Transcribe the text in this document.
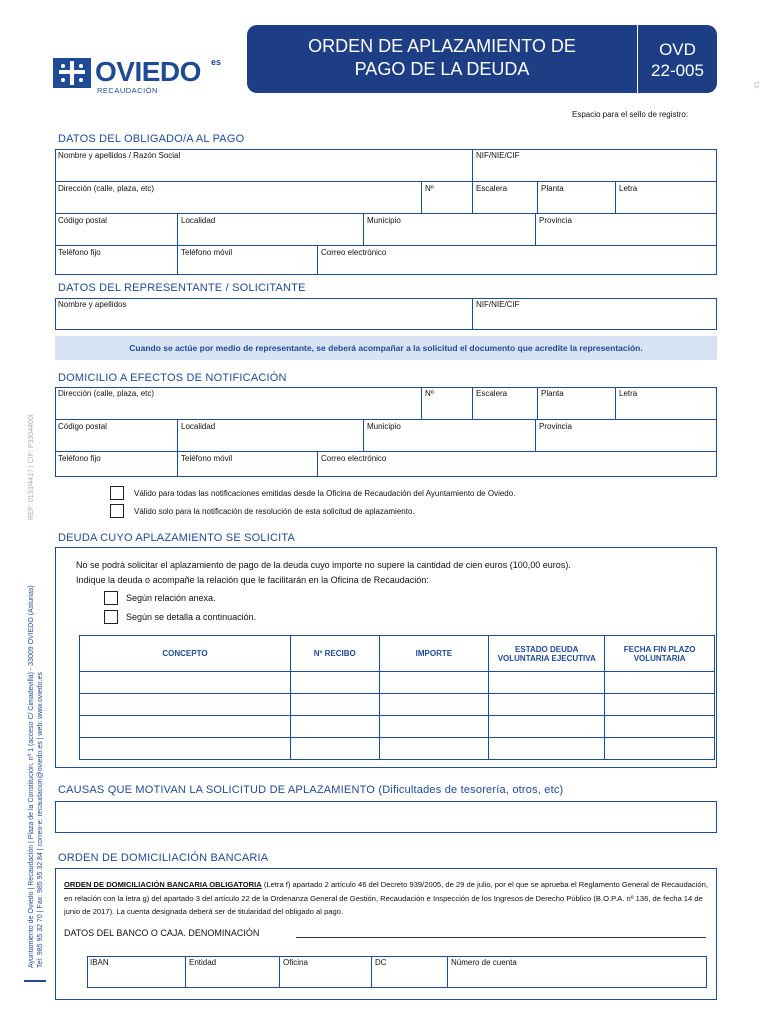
OVIEDO es
RECAUDACIÓN
ORDEN DE APLAZAMIENTO DE
PAGO DE LA DEUDA
OVD
22-005
V1
Espacio para el sello de registro:
REF: 0133/4417 | CIF: P3304400I
Ayuntamiento de Oviedo | Recaudación | Plaza de la Constitución, nº 1 (acceso C/ Cimadevilla) - 33009 OVIEDO (Asturias) Tel: 985 95 32 70 | Fax: 985 95 32 84 | correo-e: recaudacion@oviedo.es | web: www.oviedo.es
DATOS DEL OBLIGADO/A AL PAGO
Nombre y apellidos / Razón Social	NIF/NIE/CIF
Dirección (calle, plaza, etc)	Nº	Escalera	Planta	Letra
Código postal	Localidad	Municipio	Provincia
Teléfono fijo	Teléfono móvil	Correo electrónico
DATOS DEL REPRESENTANTE / SOLICITANTE
Nombre y apellidos	NIF/NIE/CIF
Cuando se actúe por medio de representante, se deberá acompañar a la solicitud el documento que acredite la representación.
DOMICILIO A EFECTOS DE NOTIFICACIÓN
Dirección (calle, plaza, etc)	Nº	Escalera	Planta	Letra
Código postal	Localidad	Municipio	Provincia
Teléfono fijo	Teléfono móvil	Correo electrónico
Válido para todas las notificaciones emitidas desde la Oficina de Recaudación del Ayuntamiento de Oviedo.
Válido solo para la notificación de resolución de esta solicitud de aplazamiento.
DEUDA CUYO APLAZAMIENTO SE SOLICITA
No se podrá solicitar el aplazamiento de pago de la deuda cuyo importe no supere la cantidad de cien euros (100,00 euros).
Indique la deuda o acompañe la relación que le facilitarán en la Oficina de Recaudación:
Según relación anexa.
Según se detalla a continuación.
CONCEPTO	Nº RECIBO	IMPORTE	ESTADO DEUDA VOLUNTARIA EJECUTIVA	FECHA FIN PLAZO VOLUNTARIA

CAUSAS QUE MOTIVAN LA SOLICITUD DE APLAZAMIENTO (Dificultades de tesorería, otros, etc)
ORDEN DE DOMICILIACIÓN BANCARIA
ORDEN DE DOMICILIACIÓN BANCARIA OBLIGATORIA (Letra f) apartado 2 artículo 46 del Decreto 939/2005, de 29 de julio, por el que se aprueba el Reglamento General de Recaudación, en relación con la letra g) del apartado 3 del artículo 22 de la Ordenanza General de Gestión, Recaudación e Inspección de los Ingresos de Derecho Público (B.O.P.A. nº 136, de fecha 14 de junio de 2017). La cuenta designada deberá ser de titularidad del obligado al pago.
DATOS DEL BANCO O CAJA. DENOMINACIÓN
IBAN	Entidad	Oficina	DC	Número de cuenta
